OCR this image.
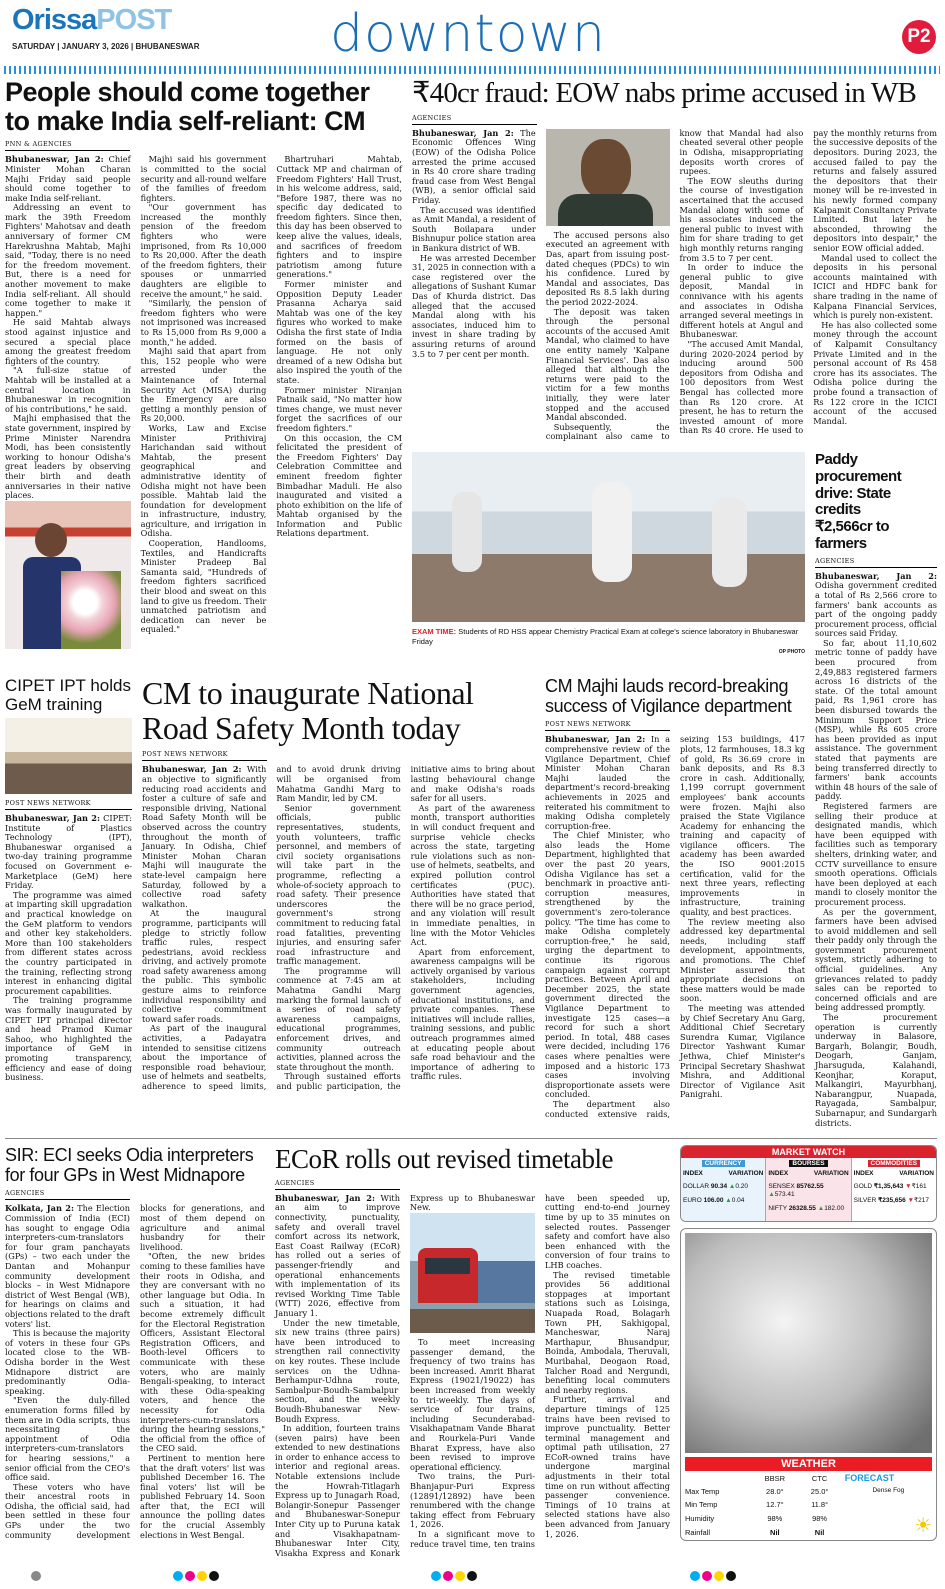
OrissaPOST
SATURDAY | JANUARY 3, 2026 | BHUBANESWAR	downtown	P2
People should come together
to make India self-reliant: CM
PNN & AGENCIES

Bhubaneswar, Jan 2: Chief Minister Mohan Charan Majhi Friday said people should come together to make India self-reliant.

Addressing an event to mark the 39th Freedom Fighters' Mahotsav and death anniversary of former CM Harekrushna Mahtab, Majhi said, "Today, there is no need for the freedom movement. But, there is a need for another movement to make India self-reliant. All should come together to make it happen."

He said Mahtab always stood against injustice and secured a special place among the greatest freedom fighters of the country.

"A full-size statue of Mahtab will be installed at a central location in Bhubaneswar in recognition of his contributions," he said.

Majhi emphasised that the state government, inspired by Prime Minister Narendra Modi, has been consistently working to honour Odisha's great leaders by observing their birth and death anniversaries in their native places.

Majhi said his government is committed to the social security and all-round welfare of the families of freedom fighters.

"Our government has increased the monthly pension of the freedom fighters who were imprisoned, from Rs 10,000 to Rs 20,000. After the death of the freedom fighters, their spouses or unmarried daughters are eligible to receive the amount," he said.

"Similarly, the pension of freedom fighters who were not imprisoned was increased to Rs 15,000 from Rs 9,000 a month," he added.

Majhi said that apart from this, 152 people who were arrested under the Maintenance of Internal Security Act (MISA) during the Emergency are also getting a monthly pension of Rs 20,000.

Works, Law and Excise Minister Prithiviraj Harichandan said without Mahtab, the present geographical and administrative identity of Odisha might not have been possible. Mahtab laid the foundation for development in infrastructure, industry, agriculture, and irrigation in Odisha.

Cooperation, Handlooms, Textiles, and Handicrafts Minister Pradeep Bal Samanta said, "Hundreds of freedom fighters sacrificed their blood and sweat on this land to give us freedom. Their unmatched patriotism and dedication can never be equaled."

Bhartruhari Mahtab, Cuttack MP and chairman of Freedom Fighters' Hall Trust, in his welcome address, said, "Before 1987, there was no specific day dedicated to freedom fighters. Since then, this day has been observed to keep alive the values, ideals, and sacrifices of freedom fighters and to inspire patriotism among future generations."

Former minister and Opposition Deputy Leader Prasanna Acharya said Mahtab was one of the key figures who worked to make Odisha the first state of India formed on the basis of language. He not only dreamed of a new Odisha but also inspired the youth of the state.

Former minister Niranjan Patnaik said, "No matter how times change, we must never forget the sacrifices of our freedom fighters."

On this occasion, the CM felicitated the president of the Freedom Fighters' Day Celebration Committee and eminent freedom fighter Bimbadhar Maduli. He also inaugurated and visited a photo exhibition on the life of Mahtab organised by the Information and Public Relations department.

₹40cr fraud: EOW nabs prime accused in WB
AGENCIES

Bhubaneswar, Jan 2: The Economic Offences Wing (EOW) of the Odisha Police arrested the prime accused in Rs 40 crore share trading fraud case from West Bengal (WB), a senior official said Friday.

The accused was identified as Amit Mandal, a resident of South Boilapara under Bishnupur police station area in Bankura district of WB.

He was arrested December 31, 2025 in connection with a case registered over the allegations of Sushant Kumar Das of Khurda district. Das alleged that the accused Mandal along with his associates, induced him to invest in share trading by assuring returns of around 3.5 to 7 per cent per month.

The accused persons also executed an agreement with Das, apart from issuing post-dated cheques (PDCs) to win his confidence. Lured by Mandal and associates, Das deposited Rs 8.5 lakh during the period 2022-2024.

The deposit was taken through the personal accounts of the accused Amit Mandal, who claimed to have one entity namely 'Kalpane Financial Services'. Das also alleged that although the returns were paid to the victim for a few months initially, they were later stopped and the accused Mandal absconded.

Subsequently, the complainant also came to know that Mandal had also cheated several other people in Odisha, misappropriating deposits worth crores of rupees.

The EOW sleuths during the course of investigation ascertained that the accused Mandal along with some of his associates induced the general public to invest with him for share trading to get high monthly returns ranging from 3.5 to 7 per cent.

In order to induce the general public to give deposit, Mandal in connivance with his agents and associates in Odisha arranged several meetings in different hotels at Angul and Bhubaneswar.

"The accused Amit Mandal, during 2020-2024 period by inducing around 500 depositors from Odisha and 100 depositors from West Bengal has collected more than Rs 120 crore. At present, he has to return the invested amount of more than Rs 40 crore. He used to pay the monthly returns from the successive deposits of the depositors. During 2023, the accused failed to pay the returns and falsely assured the depositors that their money will be re-invested in his newly formed company Kalpamit Consultancy Private Limited. But later he absconded, throwing the depositors into despair," the senior EOW official added.

Mandal used to collect the deposits in his personal accounts maintained with ICICI and HDFC bank for share trading in the name of Kalpana Financial Services, which is purely non-existent.

He has also collected some money through the account of Kalpamit Consultancy Private Limited and in the personal account of Rs 458 crore has its associates. The Odisha police during the probe found a transaction of Rs 122 crore in the ICICI account of the accused Mandal.

EXAM TIME: Students of RD HSS appear Chemistry Practical Exam at college's science laboratory in Bhubaneswar Friday
OP PHOTO
Paddy procurement
drive: State credits
₹2,566cr to farmers
AGENCIES

Bhubaneswar, Jan 2: Odisha government credited a total of Rs 2,566 crore to farmers' bank accounts as part of the ongoing paddy procurement process, official sources said Friday.

So far, about 11,10,602 metric tonne of paddy have been procured from 2,49,883 registered farmers across 16 districts of the state. Of the total amount paid, Rs 1,961 crore has been disbursed towards the Minimum Support Price (MSP), while Rs 605 crore has been provided as input assistance. The government stated that payments are being transferred directly to farmers' bank accounts within 48 hours of the sale of paddy.

Registered farmers are selling their produce at designated mandis, which have been equipped with facilities such as temporary shelters, drinking water, and CCTV surveillance to ensure smooth operations. Officials have been deployed at each mandi to closely monitor the procurement process.

As per the government, farmers have been advised to avoid middlemen and sell their paddy only through the government procurement system, strictly adhering to official guidelines. Any grievances related to paddy sales can be reported to concerned officials and are being addressed promptly.

The procurement operation is currently underway in Balasore, Bargarh, Bolangir, Boudh, Deogarh, Ganjam, Jharsuguda, Kalahandi, Keonjhar, Koraput, Malkangiri, Mayurbhanj, Nabarangpur, Nuapada, Rayagada, Sambalpur, Subarnapur, and Sundargarh districts.

CIPET IPT holds
GeM training
POST NEWS NETWORK

Bhubaneswar, Jan 2: CIPET: Institute of Plastics Technology (IPT), Bhubaneswar organised a two-day training programme focused on Government e-Marketplace (GeM) here Friday.

The programme was aimed at imparting skill upgradation and practical knowledge on the GeM platform to vendors and other key stakeholders. More than 100 stakeholders from different states across the country participated in the training, reflecting strong interest in enhancing digital procurement capabilities.

The training programme was formally inaugurated by CIPET IPT principal director and head Pramod Kumar Sahoo, who highlighted the importance of GeM in promoting transparency, efficiency and ease of doing business.

CM to inaugurate National
Road Safety Month today
POST NEWS NETWORK

Bhubaneswar, Jan 2: With an objective to significantly reducing road accidents and foster a culture of safe and responsible driving, National Road Safety Month will be observed across the country throughout the month of January. In Odisha, Chief Minister Mohan Charan Majhi will inaugurate the state-level campaign here Saturday, followed by a collective road safety walkathon.

At the inaugural programme, participants will pledge to strictly follow traffic rules, respect pedestrians, avoid reckless driving, and actively promote road safety awareness among the public. This symbolic gesture aims to reinforce individual responsibility and collective commitment toward safer roads.

As part of the inaugural activities, a Padayatra intended to sensitise citizens about the importance of responsible road behaviour, use of helmets and seatbelts, adherence to speed limits, and to avoid drunk driving will be organised from Mahatma Gandhi Marg to Ram Mandir, led by CM.

Senior government officials, public representatives, students, youth volunteers, traffic personnel, and members of civil society organisations will take part in the programme, reflecting a whole-of-society approach to road safety. Their presence underscores the government's strong commitment to reducing fatal road fatalities, preventing injuries, and ensuring safer road infrastructure and traffic management.

The programme will commence at 7:45 am at Mahatma Gandhi Marg marking the formal launch of a series of road safety awareness campaigns, educational programmes, enforcement drives, and community outreach activities, planned across the state throughout the month.

Through sustained efforts and public participation, the initiative aims to bring about lasting behavioural change and make Odisha's roads safer for all users.

As part of the awareness month, transport authorities in will conduct frequent and surprise vehicle checks across the state, targeting rule violations such as non-use of helmets, seatbelts, and expired pollution control certificates (PUC). Authorities have stated that there will be no grace period, and any violation will result in immediate penalties, in line with the Motor Vehicles Act.

Apart from enforcement, awareness campaigns will be actively organised by various stakeholders, including government agencies, educational institutions, and private companies. These initiatives will include rallies, training sessions, and public outreach programmes aimed at educating people about safe road behaviour and the importance of adhering to traffic rules.

CM Majhi lauds record-breaking
success of Vigilance department
POST NEWS NETWORK

Bhubaneswar, Jan 2: In a comprehensive review of the Vigilance Department, Chief Minister Mohan Charan Majhi lauded the department's record-breaking achievements in 2025 and reiterated his commitment to making Odisha completely corruption-free.

The Chief Minister, who also leads the Home Department, highlighted that over the past 20 years, Odisha Vigilance has set a benchmark in proactive anti-corruption measures, strengthened by the government's zero-tolerance policy. "The time has come to make Odisha completely corruption-free," he said, urging the department to continue its rigorous campaign against corrupt practices. Between April and December 2025, the state government directed the Vigilance Department to investigate 125 cases—a record for such a short period. In total, 488 cases were decided, including 176 cases where penalties were imposed and a historic 173 cases involving disproportionate assets were concluded.

The department also conducted extensive raids, seizing 153 buildings, 417 plots, 12 farmhouses, 18.3 kg of gold, Rs 36.69 crore in bank deposits, and Rs 8.3 crore in cash. Additionally, 1,199 corrupt government employees' bank accounts were frozen. Majhi also praised the State Vigilance Academy for enhancing the training and capacity of vigilance officers. The academy has been awarded the ISO 9001:2015 certification, valid for the next three years, reflecting improvements in infrastructure, training quality, and best practices.

The review meeting also addressed key departmental needs, including staff development, appointments, and promotions. The Chief Minister assured that appropriate decisions on these matters would be made soon.

The meeting was attended by Chief Secretary Anu Garg, Additional Chief Secretary Surendra Kumar, Vigilance Director Yashwant Kumar Jethwa, Chief Minister's Principal Secretary Shashwat Mishra, and Additional Director of Vigilance Asit Panigrahi.

SIR: ECI seeks Odia interpreters
for four GPs in West Midnapore
AGENCIES

Kolkata, Jan 2: The Election Commission of India (ECI) has sought to engage Odia interpreters-cum-translators for four gram panchayats (GPs) – two each under the Dantan and Mohanpur community development blocks – in West Midnapore district of West Bengal (WB), for hearings on claims and objections related to the draft voters' list.

This is because the majority of voters in these four GPs located close to the WB-Odisha border in the West Midnapore district are predominantly Odia-speaking.

"Even the duly-filled enumeration forms filled by them are in Odia scripts, thus necessitating the appointment of Odia interpreters-cum-translators for hearing sessions," a senior official from the CEO's office said.

These voters who have their ancestral roots in Odisha, the official said, had been settled in these four GPs under the two community development blocks for generations, and most of them depend on agriculture and animal husbandry for their livelihood.

"Often, the new brides coming to these families have their roots in Odisha, and they are conversant with no other language but Odia. In such a situation, it had become extremely difficult for the Electoral Registration Officers, Assistant Electoral Registration Officers, and Booth-level Officers to communicate with these voters, who are mainly Bengali-speaking, to interact with these Odia-speaking voters, and hence the necessity for Odia interpreters-cum-translators during the hearing sessions," the official from the office of the CEO said.

Pertinent to mention here that the draft voters' list was published December 16. The final voters' list will be published February 14. Soon after that, the ECI will announce the polling dates for the crucial Assembly elections in West Bengal.

ECoR rolls out revised timetable
AGENCIES

Bhubaneswar, Jan 2: With an aim to improve connectivity, punctuality, safety and overall travel comfort across its network, East Coast Railway (ECoR) has rolled out a series of passenger-friendly and operational enhancements with implementation of its revised Working Time Table (WTT) 2026, effective from January 1.

Under the new timetable, six new trains (three pairs) have been introduced to strengthen rail connectivity on key routes. These include services on the Udhna-Berhampur-Udhna route, Sambalpur-Boudh-Sambalpur section, and the weekly Boudh-Bhubaneswar New-Boudh Express.

In addition, fourteen trains (seven pairs) have been extended to new destinations in order to enhance access to interior and regional areas. Notable extensions include the Howrah-Titlagarh Express up to Junagarh Road, Bolangir-Sonepur Passenger and Bhubaneswar-Sonepur Inter City up to Puruna katak and Visakhapatnam-Bhubaneswar Inter City, Visakha Express and Konark Express up to Bhubaneswar New.

To meet increasing passenger demand, the frequency of two trains has been increased. Amrit Bharat Express (19021/19022) has been increased from weekly to tri-weekly. The days of service of four trains, including Secunderabad-Visakhapatnam Vande Bharat and Rourkela-Puri Vande Bharat Express, have also been revised to improve operational efficiency.

Two trains, the Puri-Bhanjapur-Puri Express (12891/12892) have been renumbered with the change taking effect from February 1, 2026.

In a significant move to reduce travel time, ten trains have been speeded up, cutting end-to-end journey time by up to 35 minutes on selected routes. Passenger safety and comfort have also been enhanced with the conversion of four trains to LHB coaches.

The revised timetable provides 56 additional stoppages at important stations such as Loisinga, Nuapada Road, Bolagarh Town PH, Sakhigopal, Mancheswar, Naraj Marthapur, Bhusandpur, Boinda, Ambodala, Theruvali, Muribahal, Deogaon Road, Talcher Road and Nergundi, benefiting local commuters and nearby regions.

Further, arrival and departure timings of 125 trains have been revised to improve punctuality. Better terminal management and optimal path utilisation, 27 ECoR-owned trains have undergone marginal adjustments in their total time on run without affecting passenger convenience. Timings of 10 trains at selected stations have also been advanced from January 1, 2026.

MARKET WATCH
CURRENCY
INDEX	VARIATION
DOLLAR 90.34 ▲0.20
EURO 106.00 ▲0.04
BOURSES
INDEX	VARIATION
SENSEX 85762.55 ▲573.41
NIFTY 26328.55 ▲182.00
COMMODITIES
INDEX	VARIATION
GOLD ₹1,35,643 ▼₹161
SILVER ₹235,656 ▼₹217
WEATHER
	BBSR	CTC	FORECAST
Max Temp	28.0°	25.0°	Dense Fog
Min Temp	12.7°	11.8°	
Humidity	98%	98%	☀
Rainfall	Nil	Nil	
